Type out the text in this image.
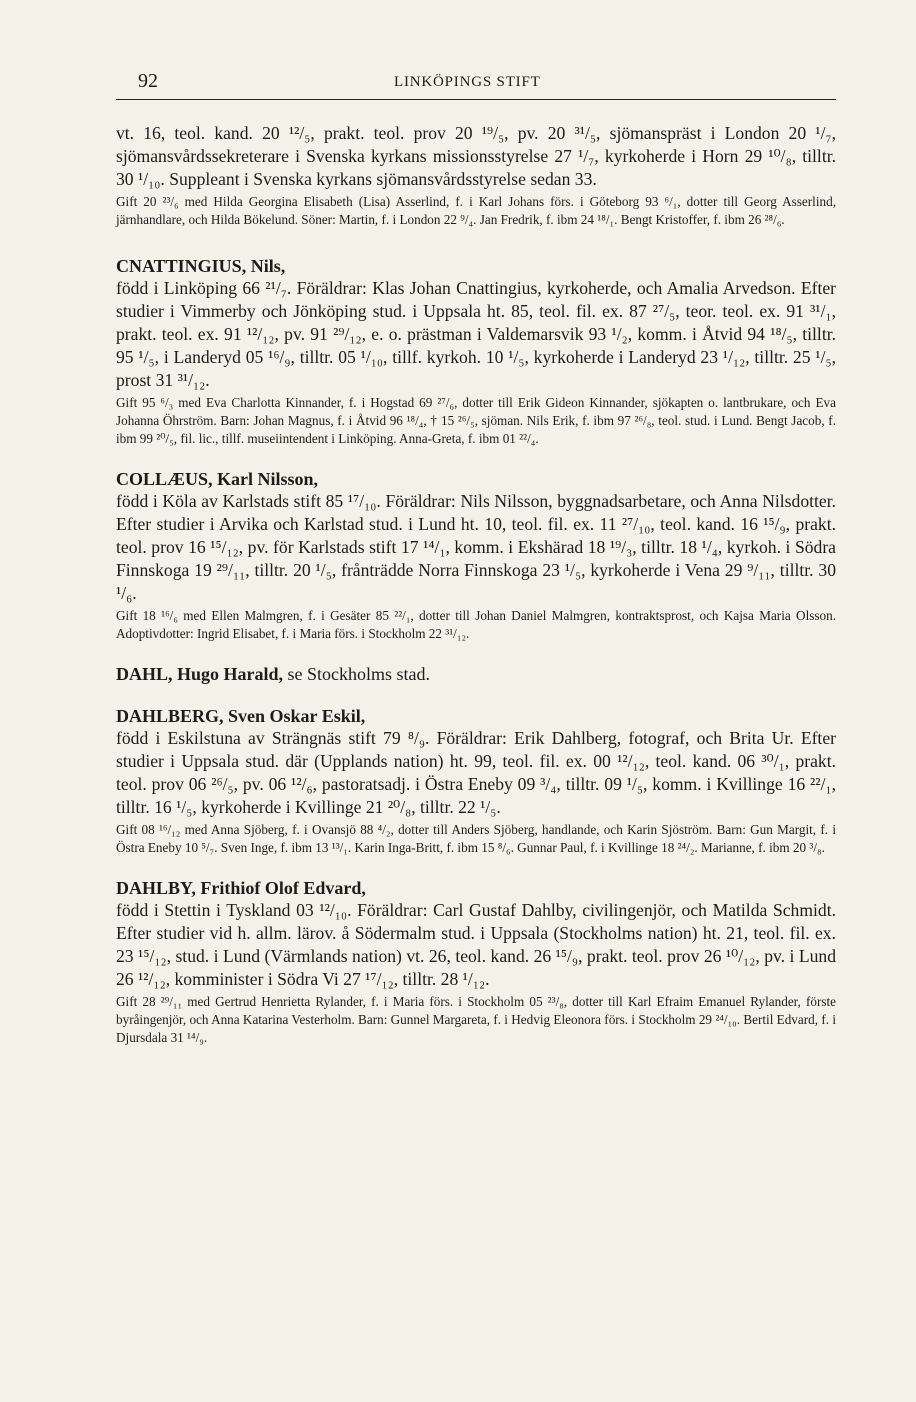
92	LINKÖPINGS STIFT
vt. 16, teol. kand. 20 ¹²/₅, prakt. teol. prov 20 ¹⁹/₅, pv. 20 ³¹/₅, sjömanspräst i London 20 ¹/₇, sjömansvårdssekreterare i Svenska kyrkans missionsstyrelse 27 ¹/₇, kyrkoherde i Horn 29 ¹⁰/₈, tilltr. 30 ¹/₁₀. Suppleant i Svenska kyrkans sjömansvårdsstyrelse sedan 33.
Gift 20 ²³/₆ med Hilda Georgina Elisabeth (Lisa) Asserlind, f. i Karl Johans förs. i Göteborg 93 ⁶/₁, dotter till Georg Asserlind, järnhandlare, och Hilda Bökelund. Söner: Martin, f. i London 22 ⁹/₄. Jan Fredrik, f. ibm 24 ¹⁸/₁. Bengt Kristoffer, f. ibm 26 ²⁸/₆.
CNATTINGIUS, Nils,
född i Linköping 66 ²¹/₇. Föräldrar: Klas Johan Cnattingius, kyrkoherde, och Amalia Arvedson. Efter studier i Vimmerby och Jönköping stud. i Uppsala ht. 85, teol. fil. ex. 87 ²⁷/₅, teor. teol. ex. 91 ³¹/₁, prakt. teol. ex. 91 ¹²/₁₂, pv. 91 ²⁹/₁₂, e. o. prästman i Valdemarsvik 93 ¹/₂, komm. i Åtvid 94 ¹⁸/₅, tilltr. 95 ¹/₅, i Landeryd 05 ¹⁶/₉, tilltr. 05 ¹/₁₀, tillf. kyrkoh. 10 ¹/₅, kyrkoherde i Landeryd 23 ¹/₁₂, tilltr. 25 ¹/₅, prost 31 ³¹/₁₂.
Gift 95 ⁶/₃ med Eva Charlotta Kinnander, f. i Hogstad 69 ²⁷/₆, dotter till Erik Gideon Kinnander, sjökapten o. lantbrukare, och Eva Johanna Öhrström. Barn: Johan Magnus, f. i Åtvid 96 ¹⁸/₄, † 15 ²⁶/₅, sjöman. Nils Erik, f. ibm 97 ²⁶/₈, teol. stud. i Lund. Bengt Jacob, f. ibm 99 ²⁰/₅, fil. lic., tillf. museiintendent i Linköping. Anna-Greta, f. ibm 01 ²²/₄.
COLLÆUS, Karl Nilsson,
född i Köla av Karlstads stift 85 ¹⁷/₁₀. Föräldrar: Nils Nilsson, byggnadsarbetare, och Anna Nilsdotter. Efter studier i Arvika och Karlstad stud. i Lund ht. 10, teol. fil. ex. 11 ²⁷/₁₀, teol. kand. 16 ¹⁵/₉, prakt. teol. prov 16 ¹⁵/₁₂, pv. för Karlstads stift 17 ¹⁴/₁, komm. i Ekshärad 18 ¹⁹/₃, tilltr. 18 ¹/₄, kyrkoh. i Södra Finnskoga 19 ²⁹/₁₁, tilltr. 20 ¹/₅, frånträdde Norra Finnskoga 23 ¹/₅, kyrkoherde i Vena 29 ⁹/₁₁, tilltr. 30 ¹/₆.
Gift 18 ¹⁶/₆ med Ellen Malmgren, f. i Gesäter 85 ²²/₁, dotter till Johan Daniel Malmgren, kontraktsprost, och Kajsa Maria Olsson. Adoptivdotter: Ingrid Elisabet, f. i Maria förs. i Stockholm 22 ³¹/₁₂.
DAHL, Hugo Harald, se Stockholms stad.
DAHLBERG, Sven Oskar Eskil,
född i Eskilstuna av Strängnäs stift 79 ⁸/₉. Föräldrar: Erik Dahlberg, fotograf, och Brita Ur. Efter studier i Uppsala stud. där (Upplands nation) ht. 99, teol. fil. ex. 00 ¹²/₁₂, teol. kand. 06 ³⁰/₁, prakt. teol. prov 06 ²⁶/₅, pv. 06 ¹²/₆, pastoratsadj. i Östra Eneby 09 ³/₄, tilltr. 09 ¹/₅, komm. i Kvillinge 16 ²²/₁, tilltr. 16 ¹/₅, kyrkoherde i Kvillinge 21 ²⁰/₈, tilltr. 22 ¹/₅.
Gift 08 ¹⁶/₁₂ med Anna Sjöberg, f. i Ovansjö 88 ⁴/₂, dotter till Anders Sjöberg, handlande, och Karin Sjöström. Barn: Gun Margit, f. i Östra Eneby 10 ⁵/₇. Sven Inge, f. ibm 13 ¹³/₁. Karin Inga-Britt, f. ibm 15 ⁸/₆. Gunnar Paul, f. i Kvillinge 18 ²⁴/₂. Marianne, f. ibm 20 ³/₈.
DAHLBY, Frithiof Olof Edvard,
född i Stettin i Tyskland 03 ¹²/₁₀. Föräldrar: Carl Gustaf Dahlby, civilingenjör, och Matilda Schmidt. Efter studier vid h. allm. lärov. å Södermalm stud. i Uppsala (Stockholms nation) ht. 21, teol. fil. ex. 23 ¹⁵/₁₂, stud. i Lund (Värmlands nation) vt. 26, teol. kand. 26 ¹⁵/₉, prakt. teol. prov 26 ¹⁰/₁₂, pv. i Lund 26 ¹²/₁₂, komminister i Södra Vi 27 ¹⁷/₁₂, tilltr. 28 ¹/₁₂.
Gift 28 ²⁹/₁₁ med Gertrud Henrietta Rylander, f. i Maria förs. i Stockholm 05 ²³/₈, dotter till Karl Efraim Emanuel Rylander, förste byråingenjör, och Anna Katarina Vesterholm. Barn: Gunnel Margareta, f. i Hedvig Eleonora förs. i Stockholm 29 ²⁴/₁₀. Bertil Edvard, f. i Djursdala 31 ¹⁴/₉.
